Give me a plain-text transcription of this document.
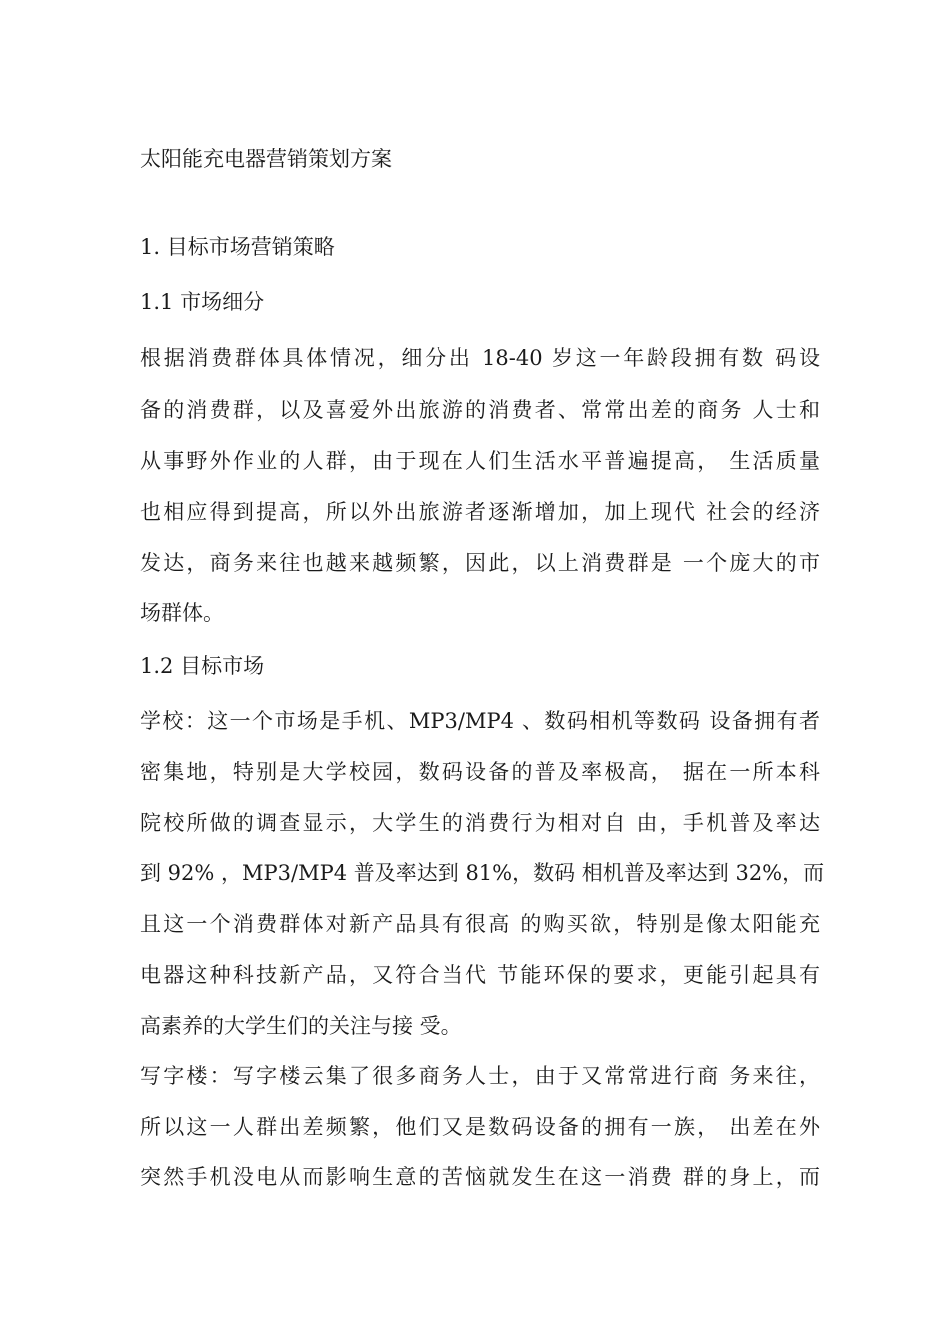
太阳能充电器营销策划方案
1. 目标市场营销策略
1.1 市场细分
根据消费群体具体情况，细分出 18-40 岁这一年龄段拥有数 码设
备的消费群，以及喜爱外出旅游的消费者、常常出差的商务 人士和
从事野外作业的人群，由于现在人们生活水平普遍提高， 生活质量
也相应得到提高，所以外出旅游者逐渐增加，加上现代 社会的经济
发达，商务来往也越来越频繁，因此，以上消费群是 一个庞大的市
场群体。
1.2 目标市场
学校：这一个市场是手机、MP3/MP4 、数码相机等数码 设备拥有者
密集地，特别是大学校园，数码设备的普及率极高， 据在一所本科
院校所做的调查显示，大学生的消费行为相对自 由，手机普及率达
到 92% ，MP3/MP4 普及率达到 81%，数码 相机普及率达到 32%，而
且这一个消费群体对新产品具有很高 的购买欲，特别是像太阳能充
电器这种科技新产品，又符合当代 节能环保的要求，更能引起具有
高素养的大学生们的关注与接 受。
写字楼：写字楼云集了很多商务人士，由于又常常进行商 务来往，
所以这一人群出差频繁，他们又是数码设备的拥有一族， 出差在外
突然手机没电从而影响生意的苦恼就发生在这一消费 群的身上，而
